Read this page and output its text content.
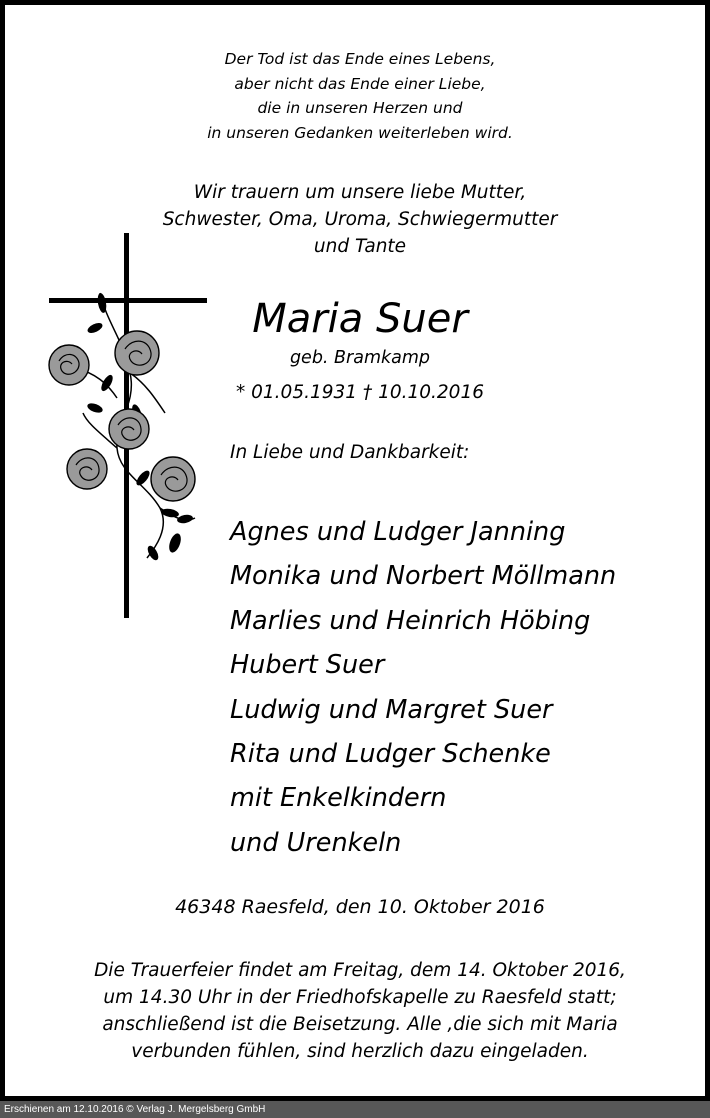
Der Tod ist das Ende eines Lebens,
aber nicht das Ende einer Liebe,
die in unseren Herzen und
in unseren Gedanken weiterleben wird.
Wir trauern um unsere liebe Mutter,
Schwester, Oma, Uroma, Schwiegermutter
und Tante
Maria Suer
geb. Bramkamp
* 01.05.1931 † 10.10.2016
In Liebe und Dankbarkeit:
Agnes und Ludger Janning
Monika und Norbert Möllmann
Marlies und Heinrich Höbing
Hubert Suer
Ludwig und Margret Suer
Rita und Ludger Schenke
mit Enkelkindern
und Urenkeln
46348 Raesfeld, den 10. Oktober 2016
Die Trauerfeier findet am Freitag, dem 14. Oktober 2016,
um 14.30 Uhr in der Friedhofskapelle zu Raesfeld statt;
anschließend ist die Beisetzung. Alle ,die sich mit Maria
verbunden fühlen, sind herzlich dazu eingeladen.
Erschienen am 12.10.2016 © Verlag J. Mergelsberg GmbH
